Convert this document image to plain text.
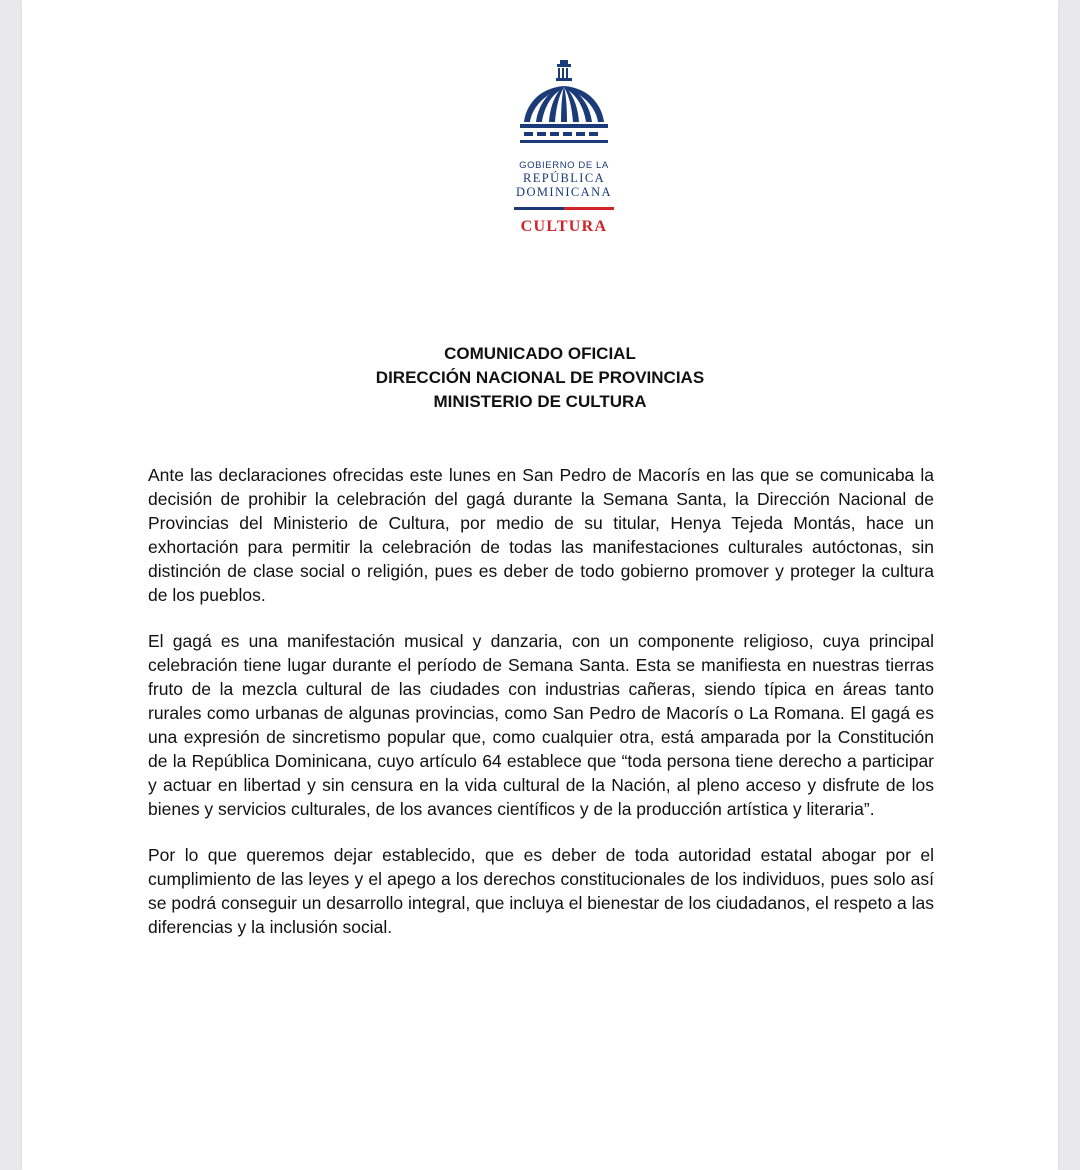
GOBIERNO DE LA
REPÚBLICA
DOMINICANA
CULTURA
COMUNICADO OFICIAL
DIRECCIÓN NACIONAL DE PROVINCIAS
MINISTERIO DE CULTURA

Ante las declaraciones ofrecidas este lunes en San Pedro de Macorís en las que se comunicaba la decisión de prohibir la celebración del gagá durante la Semana Santa, la Dirección Nacional de Provincias del Ministerio de Cultura, por medio de su titular, Henya Tejeda Montás, hace un exhortación para permitir la celebración de todas las manifestaciones culturales autóctonas, sin distinción de clase social o religión, pues es deber de todo gobierno promover y proteger la cultura de los pueblos.

El gagá es una manifestación musical y danzaria, con un componente religioso, cuya principal celebración tiene lugar durante el período de Semana Santa. Esta se manifiesta en nuestras tierras fruto de la mezcla cultural de las ciudades con industrias cañeras, siendo típica en áreas tanto rurales como urbanas de algunas provincias, como San Pedro de Macorís o La Romana. El gagá es una expresión de sincretismo popular que, como cualquier otra, está amparada por la Constitución de la República Dominicana, cuyo artículo 64 establece que “toda persona tiene derecho a participar y actuar en libertad y sin censura en la vida cultural de la Nación, al pleno acceso y disfrute de los bienes y servicios culturales, de los avances científicos y de la producción artística y literaria”.

Por lo que queremos dejar establecido, que es deber de toda autoridad estatal abogar por el cumplimiento de las leyes y el apego a los derechos constitucionales de los individuos, pues solo así se podrá conseguir un desarrollo integral, que incluya el bienestar de los ciudadanos, el respeto a las diferencias y la inclusión social.
